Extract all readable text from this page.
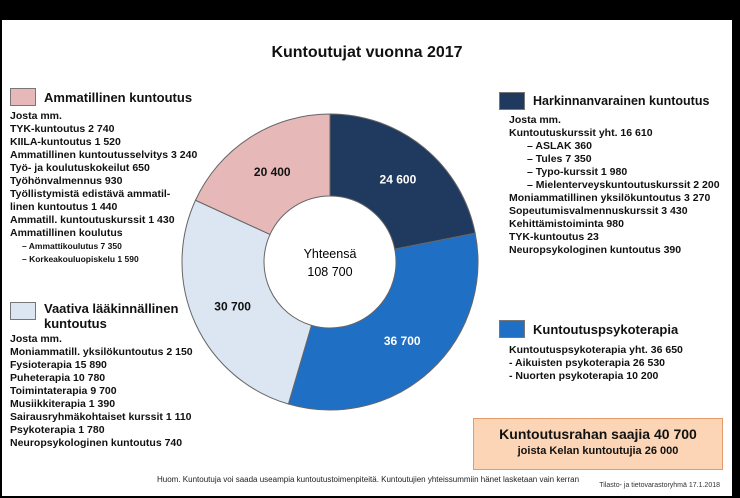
Kuntoutujat vuonna 2017
24 600
36 700
30 700
20 400
Yhteensä
108 700
Ammatillinen kuntoutus
Josta mm.
TYK-kuntoutus 2 740
KIILA-kuntoutus 1 520
Ammatillinen kuntoutusselvitys 3 240
Työ- ja koulutuskokeilut 650
Työhönvalmennus 930
Työllistymistä edistävä ammatil-
linen kuntoutus 1 440
Ammatill. kuntoutuskurssit 1 430
Ammatillinen koulutus
– Ammattikoulutus 7 350
– Korkeakouluopiskelu 1 590
Vaativa lääkinnällinen
kuntoutus
Josta mm.
Moniammatill. yksilökuntoutus 2 150
Fysioterapia 15 890
Puheterapia 10 780
Toimintaterapia 9 700
Musiikkiterapia 1 390
Sairausryhmäkohtaiset kurssit 1 110
Psykoterapia 1 780
Neuropsykologinen kuntoutus 740
Harkinnanvarainen kuntoutus
Josta mm.
Kuntoutuskurssit yht. 16 610
– ASLAK 360
– Tules 7 350
– Typo-kurssit 1 980
– Mielenterveyskuntoutuskurssit 2 200
Moniammatillinen yksilökuntoutus 3 270
Sopeutumisvalmennuskurssit 3 430
Kehittämistoiminta 980
TYK-kuntoutus 23
Neuropsykologinen kuntoutus 390
Kuntoutuspsykoterapia
Kuntoutuspsykoterapia yht. 36 650
- Aikuisten psykoterapia 26 530
- Nuorten psykoterapia 10 200
Kuntoutusrahan saajia 40 700
joista Kelan kuntoutujia 26 000
Huom. Kuntoutuja voi saada useampia kuntoutustoimenpiteitä. Kuntoutujien yhteissummiin hänet lasketaan vain kerran
Tilasto- ja tietovarastoryhmä 17.1.2018
